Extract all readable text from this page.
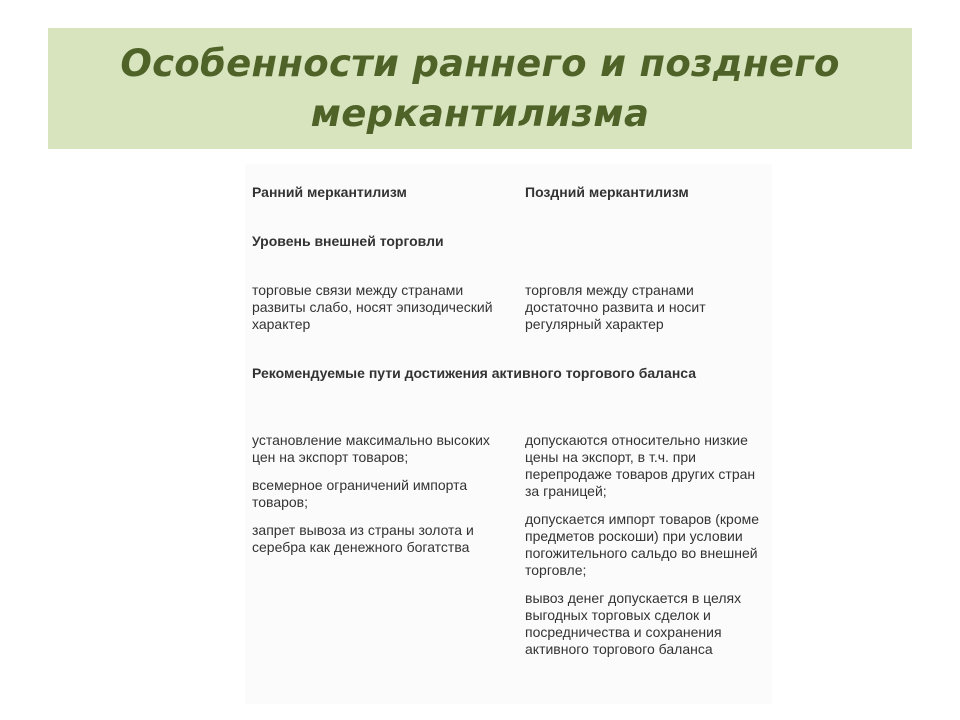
Особенности раннего и позднего
меркантилизма
Ранний меркантилизм	Поздний меркантилизм
Уровень внешней торговли
торговые связи между странами развиты слабо, носят эпизодический характер
торговля между странами достаточно развита и носит регулярный характер
Рекомендуемые пути достижения активного торгового баланса

установление максимально высоких цен на экспорт товаров;

всемерное ограничений импорта товаров;

запрет вывоза из страны золота и серебра как денежного богатства

допускаются относительно низкие цены на экспорт, в т.ч. при перепродаже товаров других стран за границей;

допускается импорт товаров (кроме предметов роскоши) при условии погожительного сальдо во внешней торговле;

вывоз денег допускается в целях выгодных торговых сделок и посредничества и сохранения активного торгового баланса
